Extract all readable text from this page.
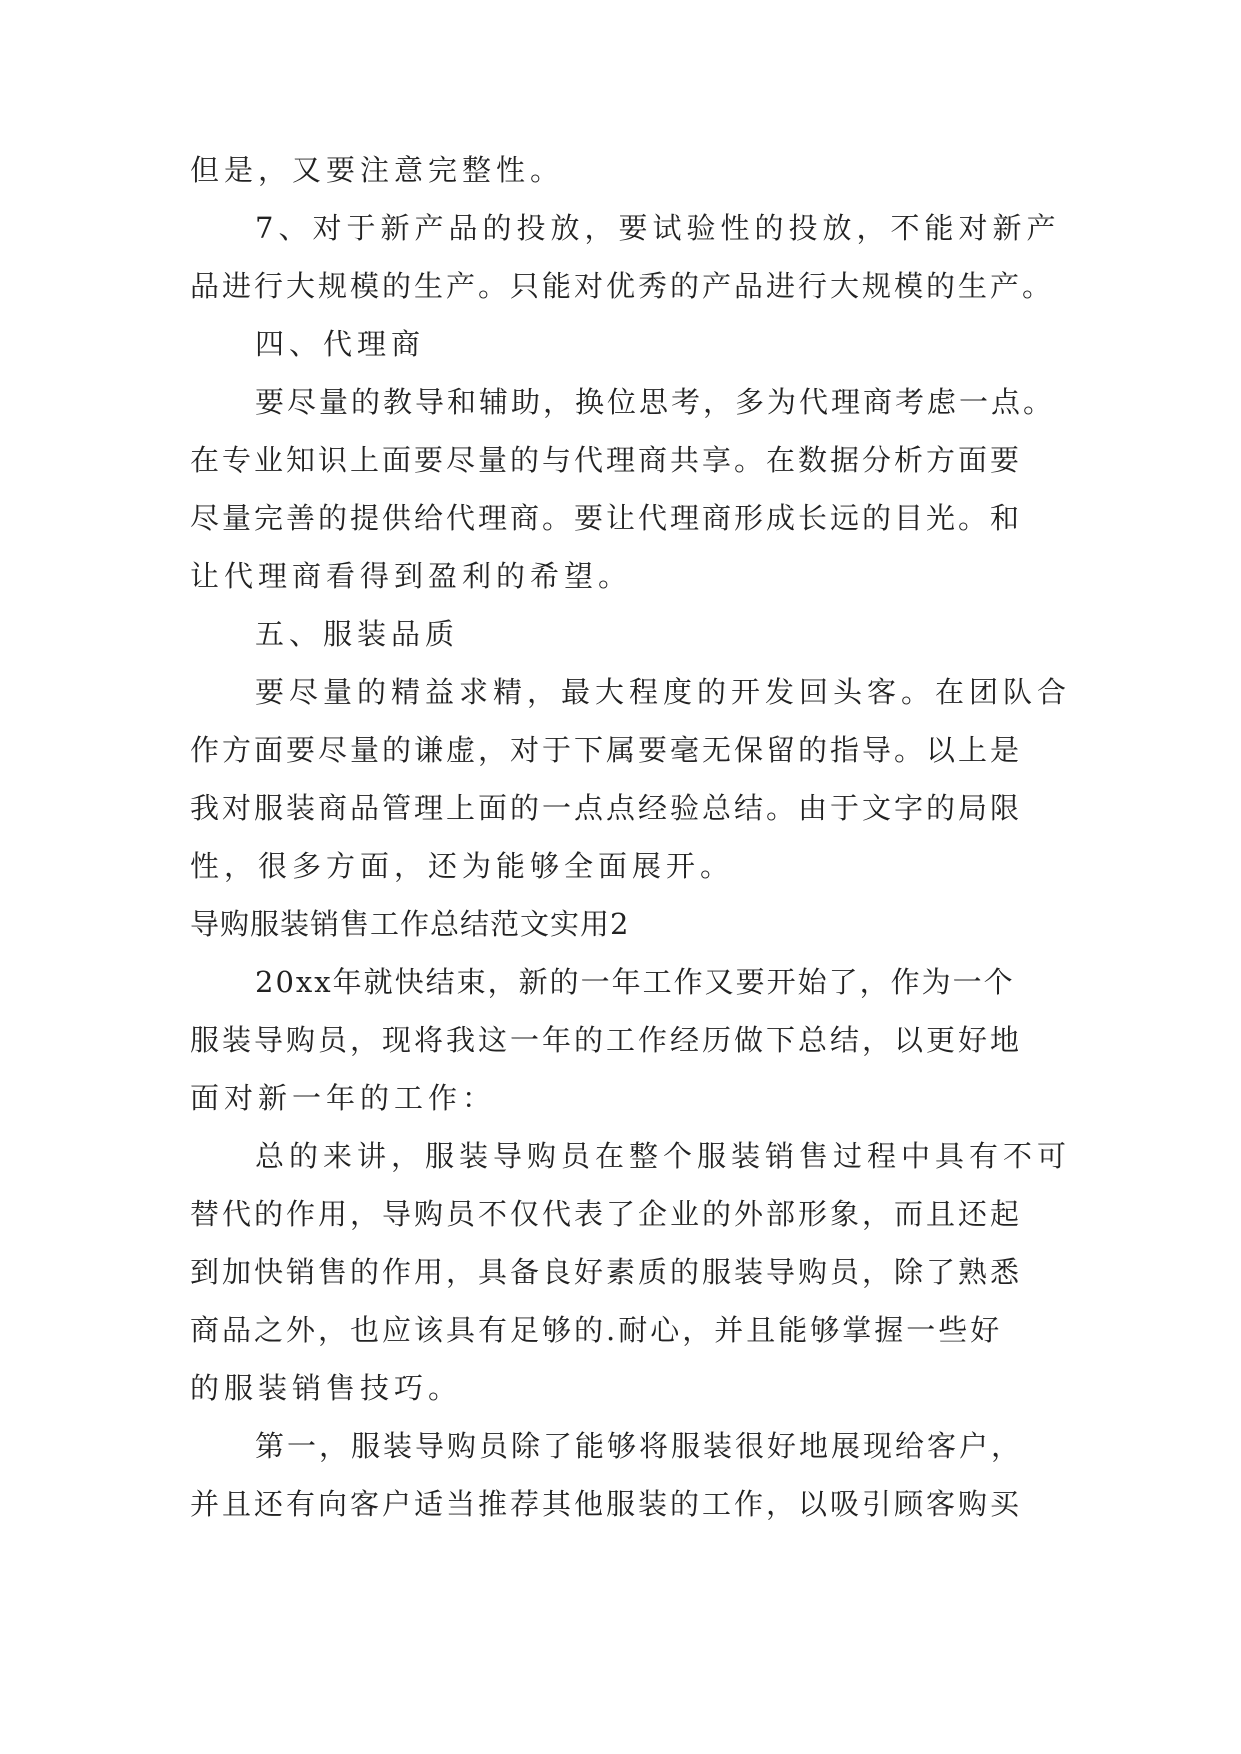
但是，又要注意完整性。
7、对于新产品的投放，要试验性的投放，不能对新产
品进行大规模的生产。只能对优秀的产品进行大规模的生产。
四、代理商
要尽量的教导和辅助，换位思考，多为代理商考虑一点。
在专业知识上面要尽量的与代理商共享。在数据分析方面要
尽量完善的提供给代理商。要让代理商形成长远的目光。和
让代理商看得到盈利的希望。
五、服装品质
要尽量的精益求精，最大程度的开发回头客。在团队合
作方面要尽量的谦虚，对于下属要毫无保留的指导。以上是
我对服装商品管理上面的一点点经验总结。由于文字的局限
性，很多方面，还为能够全面展开。
导购服装销售工作总结范文实用2
20xx年就快结束，新的一年工作又要开始了，作为一个
服装导购员，现将我这一年的工作经历做下总结，以更好地
面对新一年的工作：
总的来讲，服装导购员在整个服装销售过程中具有不可
替代的作用，导购员不仅代表了企业的外部形象，而且还起
到加快销售的作用，具备良好素质的服装导购员，除了熟悉
商品之外，也应该具有足够的.耐心，并且能够掌握一些好
的服装销售技巧。
第一，服装导购员除了能够将服装很好地展现给客户，
并且还有向客户适当推荐其他服装的工作，以吸引顾客购买
